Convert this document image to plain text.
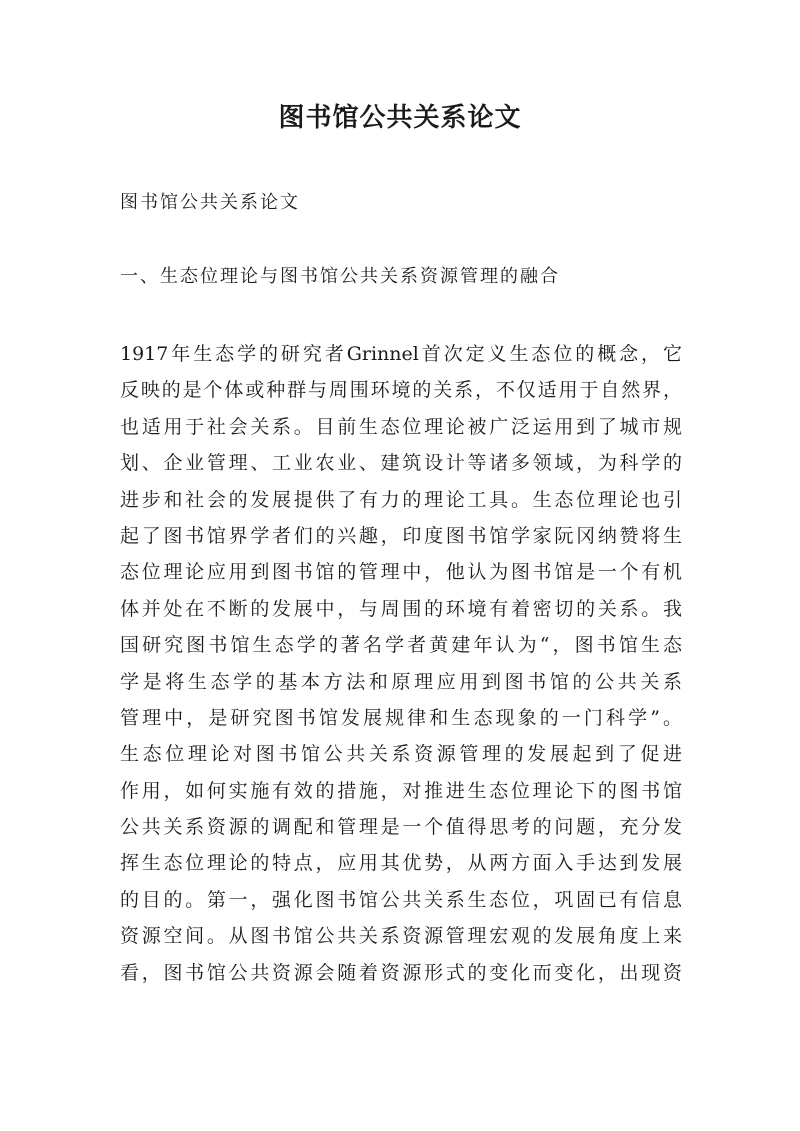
图书馆公共关系论文

图书馆公共关系论文

一、生态位理论与图书馆公共关系资源管理的融合

1917年生态学的研究者Grinnel首次定义生态位的概念，它
反映的是个体或种群与周围环境的关系，不仅适用于自然界，
也适用于社会关系。目前生态位理论被广泛运用到了城市规
划、企业管理、工业农业、建筑设计等诸多领域，为科学的
进步和社会的发展提供了有力的理论工具。生态位理论也引
起了图书馆界学者们的兴趣，印度图书馆学家阮冈纳赞将生
态位理论应用到图书馆的管理中，他认为图书馆是一个有机
体并处在不断的发展中，与周围的环境有着密切的关系。我
国研究图书馆生态学的著名学者黄建年认为“，图书馆生态
学是将生态学的基本方法和原理应用到图书馆的公共关系
管理中，是研究图书馆发展规律和生态现象的一门科学”。
生态位理论对图书馆公共关系资源管理的发展起到了促进
作用，如何实施有效的措施，对推进生态位理论下的图书馆
公共关系资源的调配和管理是一个值得思考的问题，充分发
挥生态位理论的特点，应用其优势，从两方面入手达到发展
的目的。第一，强化图书馆公共关系生态位，巩固已有信息
资源空间。从图书馆公共关系资源管理宏观的发展角度上来
看，图书馆公共资源会随着资源形式的变化而变化，出现资
